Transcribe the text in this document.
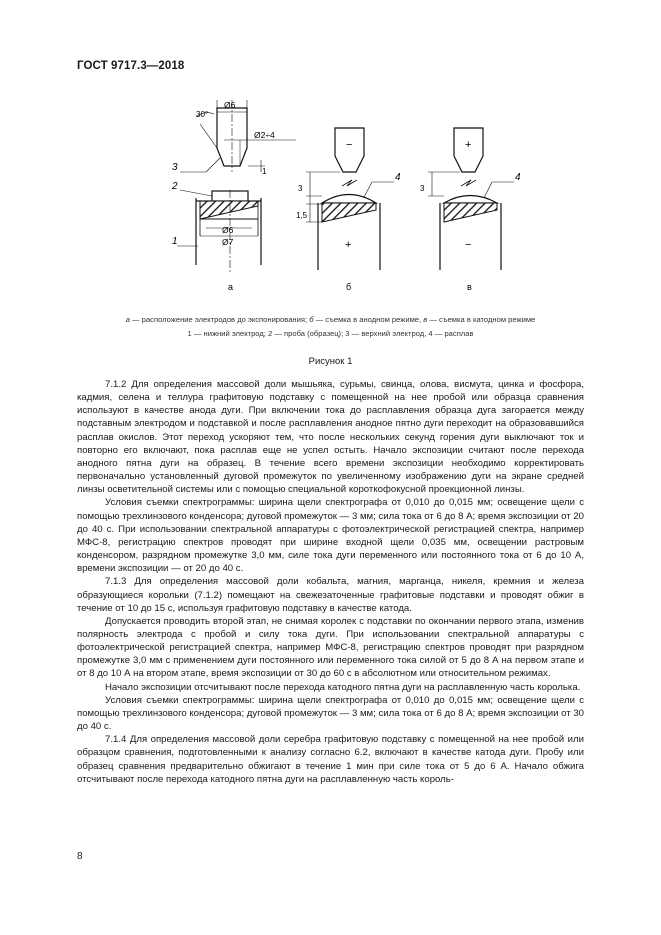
ГОСТ 9717.3—2018
30°
Ø6
Ø2÷4
1
Ø6
Ø7
3
2
1
а
−
+
4
3
1,5
б
+
−
4
3
в
а — расположение электродов до экспонирования; б — съемка в анодном режиме, в — съемка в катодном режиме
1 — нижний электрод; 2 — проба (образец); 3 — верхний электрод, 4 — расплав
Рисунок 1

7.1.2 Для определения массовой доли мышьяка, сурьмы, свинца, олова, висмута, цинка и фосфора, кадмия, селена и теллура графитовую подставку с помещенной на нее пробой или образца сравнения используют в качестве анода дуги. При включении тока до расплавления образца дуга загорается между подставным электродом и подставкой и после расплавления анодное пятно дуги переходит на образовавшийся расплав окислов. Этот переход ускоряют тем, что после нескольких секунд горения дуги выключают ток и повторно его включают, пока расплав еще не успел остыть. Начало экспозиции считают после перехода анодного пятна дуги на образец. В течение всего времени экспозиции необходимо корректировать первоначально установленный дуговой промежуток по увеличенному изображению дуги на экране средней линзы осветительной системы или с помощью специальной короткофокусной проекционной линзы.

Условия съемки спектрограммы: ширина щели спектрографа от 0,010 до 0,015 мм; освещение щели с помощью трехлинзового конденсора; дуговой промежуток — 3 мм; сила тока от 6 до 8 А; время экспозиции от 20 до 40 с. При использовании спектральной аппаратуры с фотоэлектрической регистрацией спектра, например МФС-8, регистрацию спектров проводят при ширине входной щели 0,035 мм, освещении растровым конденсором, разрядном промежутке 3,0 мм, силе тока дуги переменного или постоянного тока от 6 до 10 А, времени экспозиции — от 20 до 40 с.

7.1.3 Для определения массовой доли кобальта, магния, марганца, никеля, кремния и железа образующиеся корольки (7.1.2) помещают на свежезаточенные графитовые подставки и проводят обжиг в течение от 10 до 15 с, используя графитовую подставку в качестве катода.

Допускается проводить второй этап, не снимая королек с подставки по окончании первого этапа, изменив полярность электрода с пробой и силу тока дуги. При использовании спектральной аппаратуры с фотоэлектрической регистрацией спектра, например МФС-8, регистрацию спектров проводят при разрядном промежутке 3,0 мм с применением дуги постоянного или переменного тока силой от 5 до 8 А на первом этапе и от 8 до 10 А на втором этапе, время экспозиции от 30 до 60 с в абсолютном или относительном режимах.

Начало экспозиции отсчитывают после перехода катодного пятна дуги на расплавленную часть королька.

Условия съемки спектрограммы: ширина щели спектрографа от 0,010 до 0,015 мм; освещение щели с помощью трехлинзового конденсора; дуговой промежуток — 3 мм; сила тока от 6 до 8 А; время экспозиции от 30 до 40 с.

7.1.4 Для определения массовой доли серебра графитовую подставку с помещенной на нее пробой или образцом сравнения, подготовленными к анализу согласно 6.2, включают в качестве катода дуги. Пробу или образец сравнения предварительно обжигают в течение 1 мин при силе тока от 5 до 6 А. Начало обжига отсчитывают после перехода катодного пятна дуги на расплавленную часть король-

8
